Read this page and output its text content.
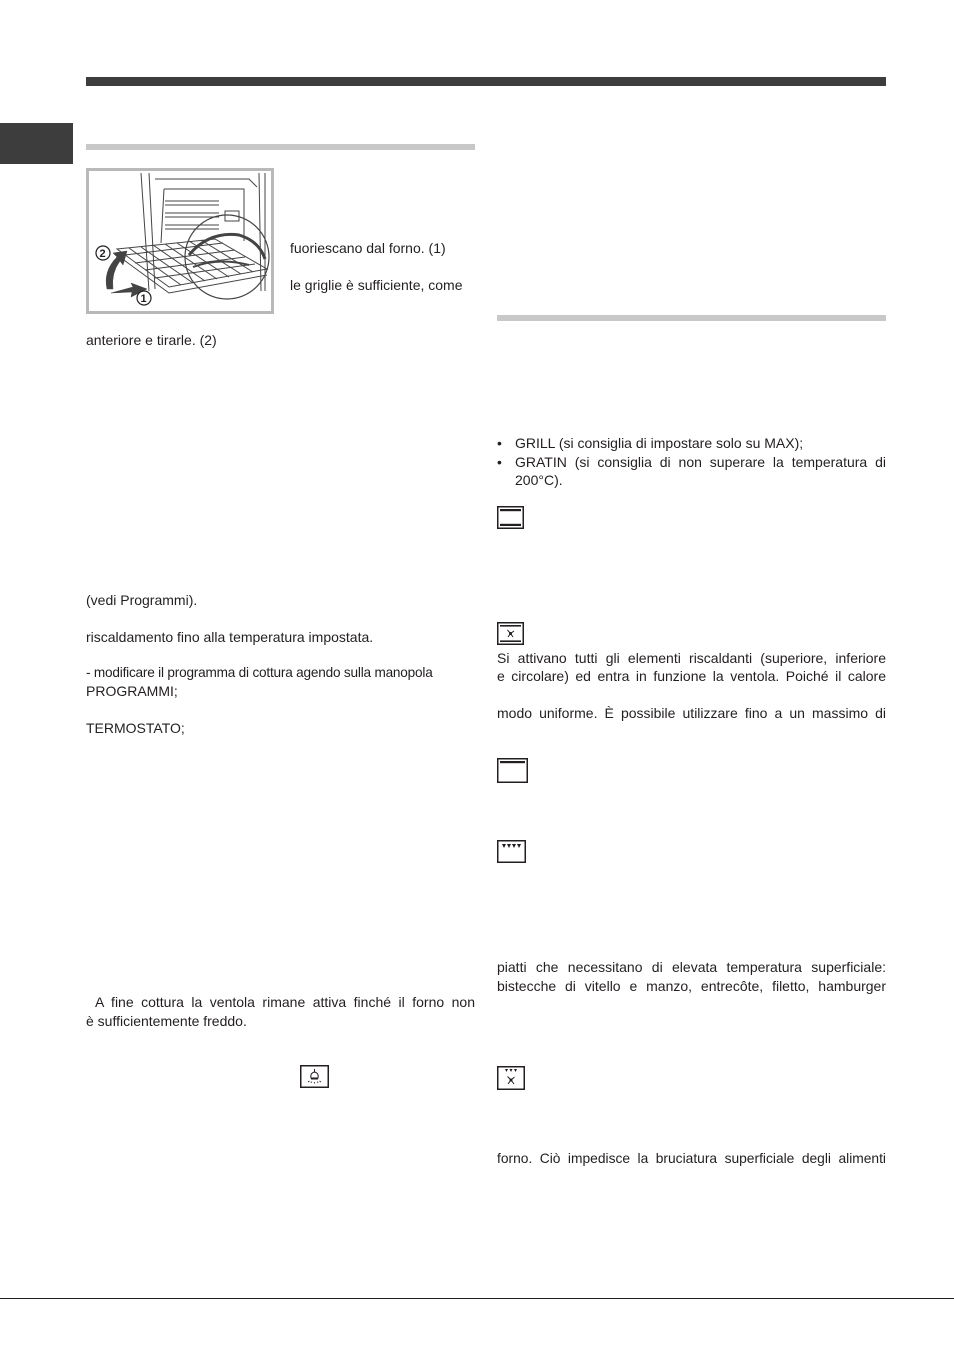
2
1
fuoriescano dal forno. (1)
le griglie è sufficiente, come
anteriore e tirarle. (2)
(vedi Programmi).
riscaldamento fino alla temperatura impostata.
- modificare il programma di cottura agendo sulla manopola
PROGRAMMI;
TERMOSTATO;
A fine cottura la ventola rimane attiva finché il forno non
è sufficientemente freddo.
• GRILL (si consiglia di impostare solo su MAX);
• GRATIN (si consiglia di non superare la temperatura di
200°C).
Si attivano tutti gli elementi riscaldanti (superiore, inferiore
e circolare) ed entra in funzione la ventola. Poiché il calore
modo uniforme. È possibile utilizzare fino a un massimo di
piatti che necessitano di elevata temperatura superficiale:
bistecche di vitello e manzo, entrecôte, filetto, hamburger
forno. Ciò impedisce la bruciatura superficiale degli alimenti
